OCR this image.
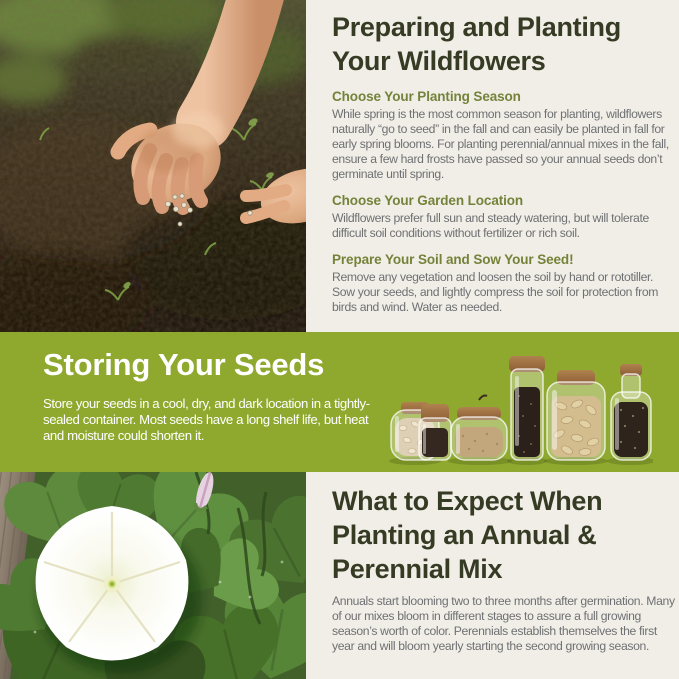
Preparing and Planting Your Wildflowers
Choose Your Planting Season

While spring is the most common season for planting, wildflowers naturally “go to seed” in the fall and can easily be planted in fall for early spring blooms. For planting perennial/annual mixes in the fall, ensure a few hard frosts have passed so your annual seeds don’t germinate until spring.

Choose Your Garden Location

Wildflowers prefer full sun and steady watering, but will tolerate difficult soil conditions without fertilizer or rich soil.

Prepare Your Soil and Sow Your Seed!

Remove any vegetation and loosen the soil by hand or rototiller. Sow your seeds, and lightly compress the soil for protection from birds and wind. Water as needed.

Storing Your Seeds

Store your seeds in a cool, dry, and dark location in a tightly-sealed container. Most seeds have a long shelf life, but heat and moisture could shorten it.

What to Expect When Planting an Annual & Perennial Mix

Annuals start blooming two to three months after germination. Many of our mixes bloom in different stages to assure a full growing season’s worth of color. Perennials establish themselves the first year and will bloom yearly starting the second growing season.
